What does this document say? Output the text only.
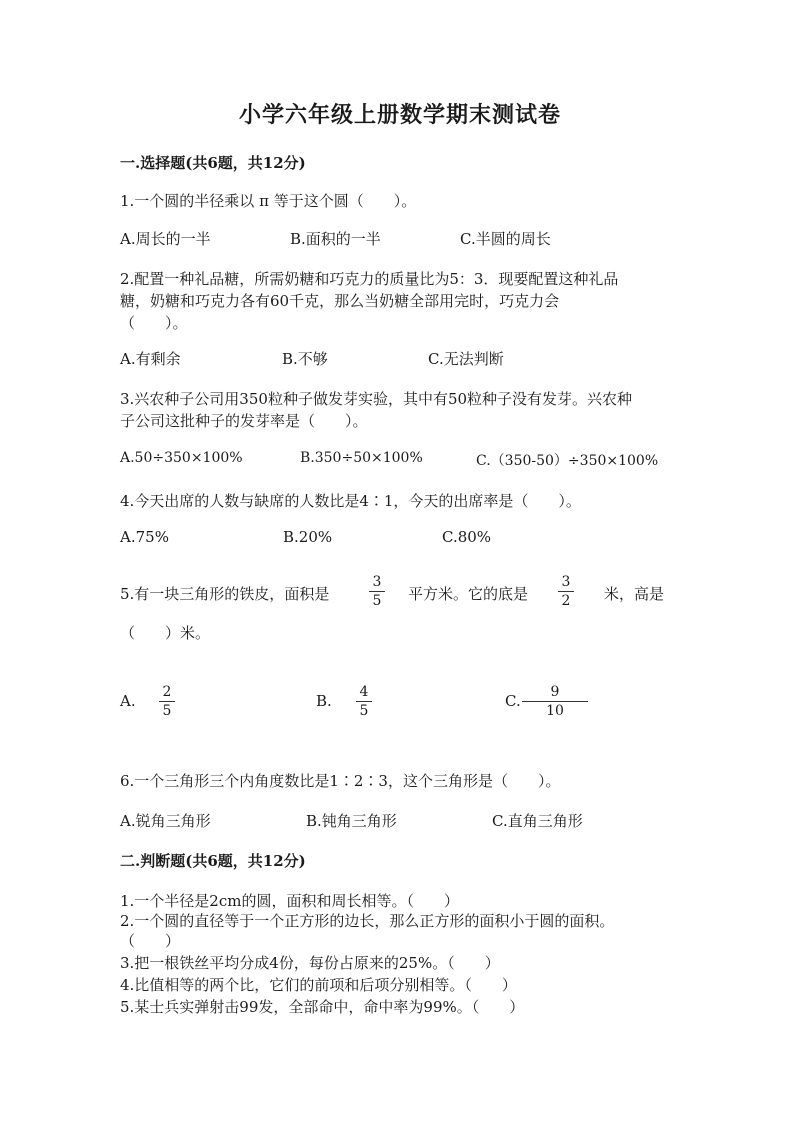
小学六年级上册数学期末测试卷
一.选择题(共6题，共12分)
1.一个圆的半径乘以 π 等于这个圆（　　）。
A.周长的一半	B.面积的一半	C.半圆的周长
2.配置一种礼品糖，所需奶糖和巧克力的质量比为5：3．现要配置这种礼品
糖，奶糖和巧克力各有60千克，那么当奶糖全部用完时，巧克力会
（　　）。
A.有剩余	B.不够	C.无法判断
3.兴农种子公司用350粒种子做发芽实验，其中有50粒种子没有发芽。兴农种
子公司这批种子的发芽率是（　　）。
A.50÷350×100%	B.350÷50×100%	C.（350-50）÷350×100%
4.今天出席的人数与缺席的人数比是4∶1，今天的出席率是（　　）。
A.75%	B.20%	C.80%
5.有一块三角形的铁皮，面积是
3
5 平方米。它的底是
3
2 米，高是
（　　）米。
A. 2
5
B. 4
5
C.	9
10
6.一个三角形三个内角度数比是1∶2∶3，这个三角形是（　　）。
A.锐角三角形	B.钝角三角形	C.直角三角形
二.判断题(共6题，共12分)
1.一个半径是2cm的圆，面积和周长相等。（　　）
2.一个圆的直径等于一个正方形的边长，那么正方形的面积小于圆的面积。
（　　）
3.把一根铁丝平均分成4份，每份占原来的25%。（　　）
4.比值相等的两个比，它们的前项和后项分别相等。（　　）
5.某士兵实弹射击99发，全部命中，命中率为99%。（　　）
